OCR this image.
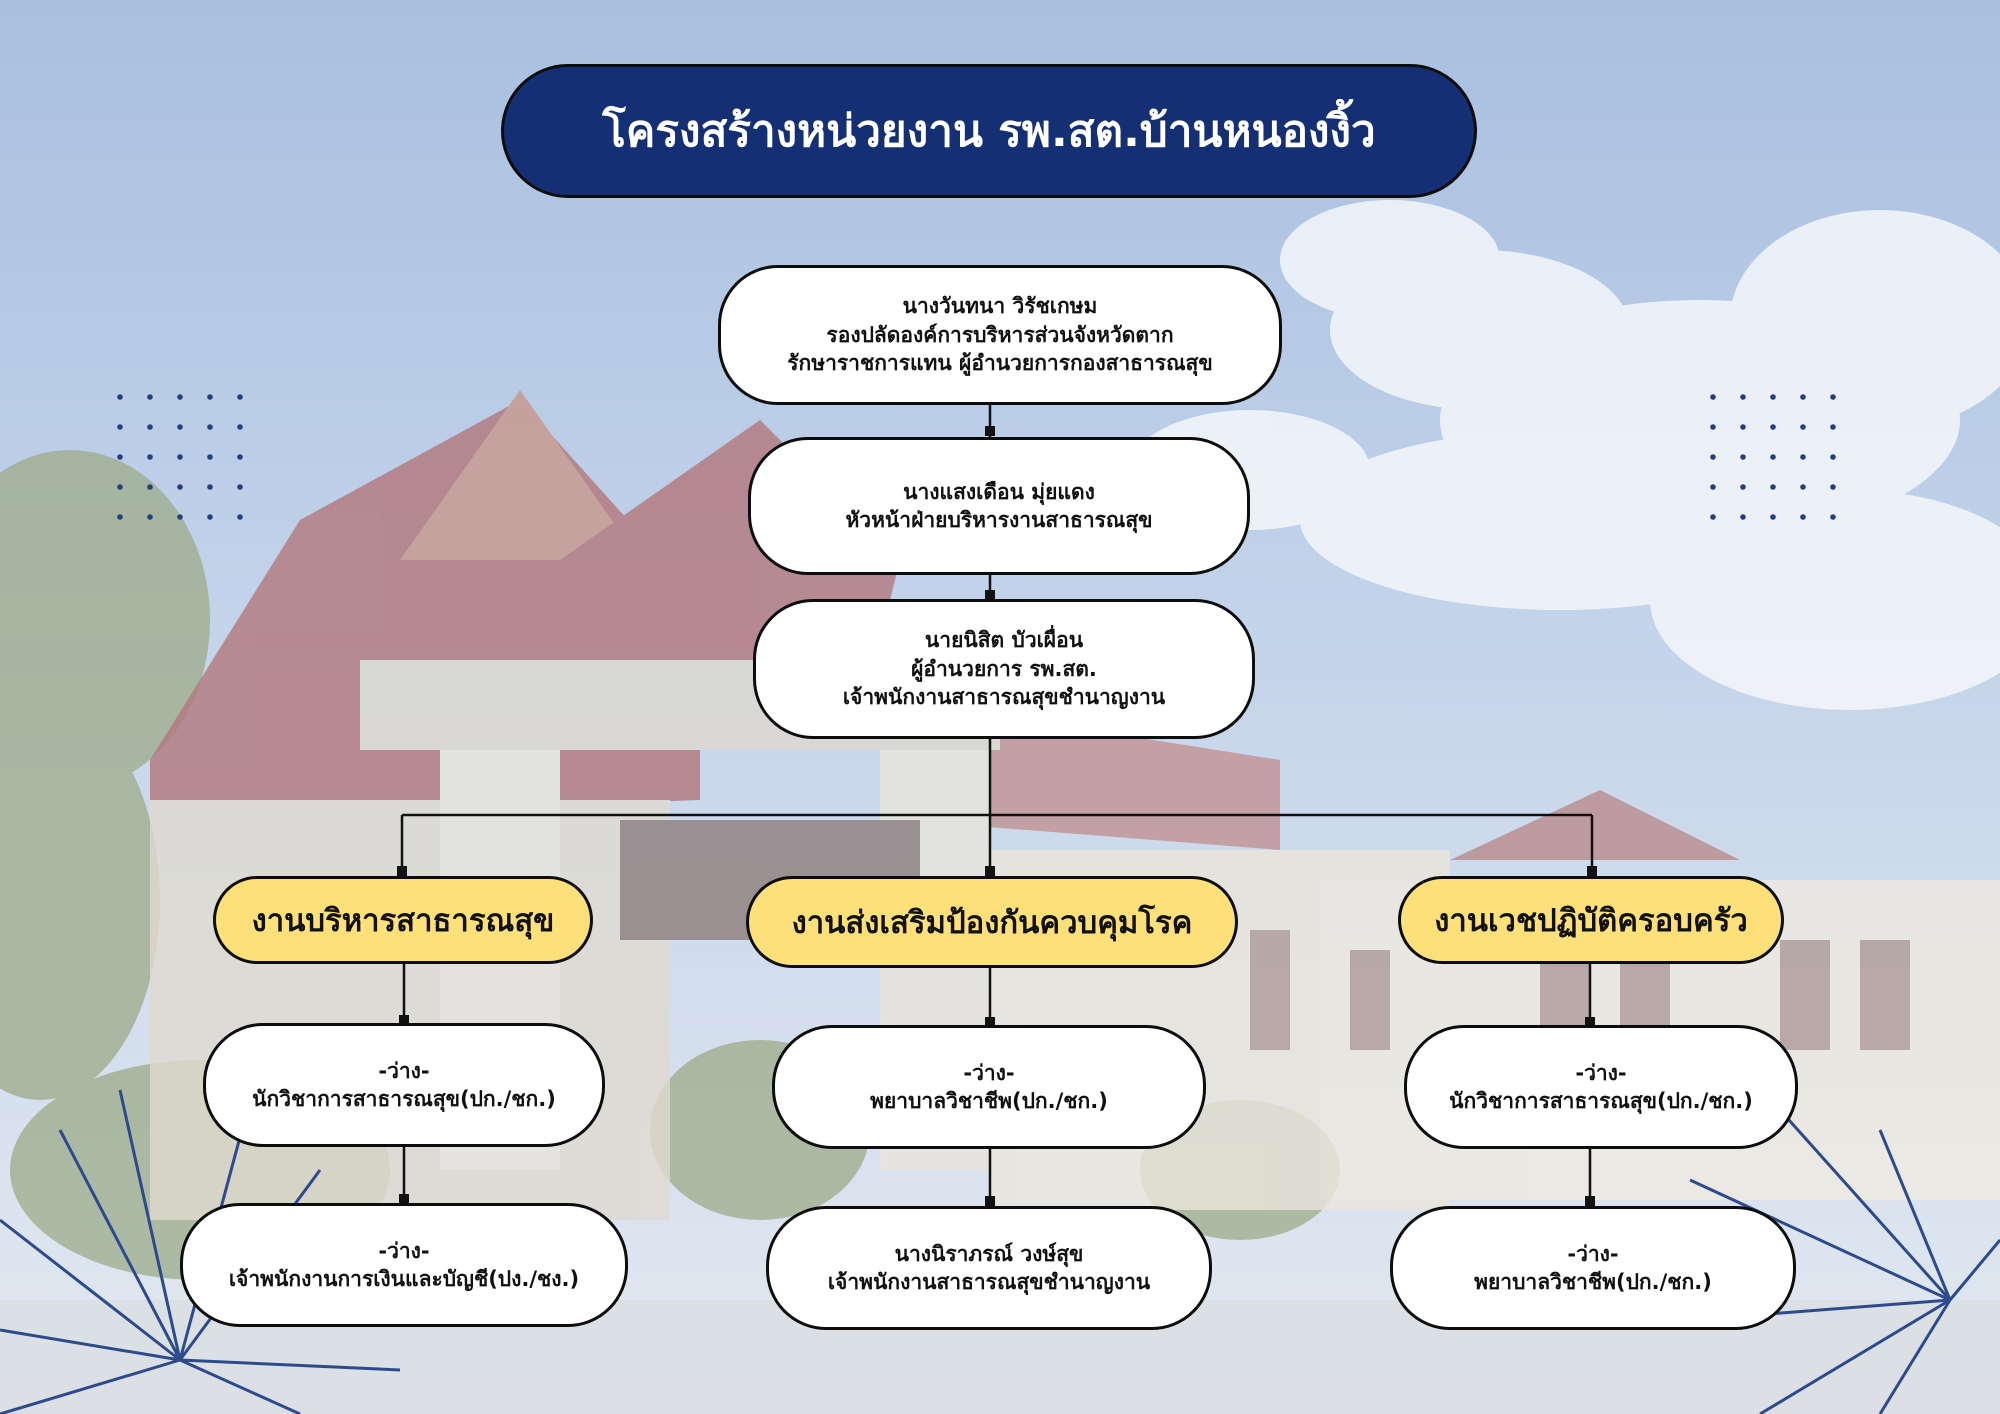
โครงสร้างหน่วยงาน รพ.สต.บ้านหนองงิ้ว
นางวันทนา วิรัชเกษม
รองปลัดองค์การบริหารส่วนจังหวัดตาก
รักษาราชการแทน ผู้อำนวยการกองสาธารณสุข
นางแสงเดือน มุ่ยแดง
หัวหน้าฝ่ายบริหารงานสาธารณสุข
นายนิสิต บัวเผื่อน
ผู้อำนวยการ รพ.สต.
เจ้าพนักงานสาธารณสุขชำนาญงาน
งานบริหารสาธารณสุข	งานส่งเสริมป้องกันควบคุมโรค	งานเวชปฏิบัติครอบครัว
-ว่าง-
นักวิชาการสาธารณสุข(ปก./ชก.)
-ว่าง-
เจ้าพนักงานการเงินและบัญชี(ปง./ชง.)
-ว่าง-
พยาบาลวิชาชีพ(ปก./ชก.)
นางนิราภรณ์ วงษ์สุข
เจ้าพนักงานสาธารณสุขชำนาญงาน
-ว่าง-
นักวิชาการสาธารณสุข(ปก./ชก.)
-ว่าง-
พยาบาลวิชาชีพ(ปก./ชก.)
